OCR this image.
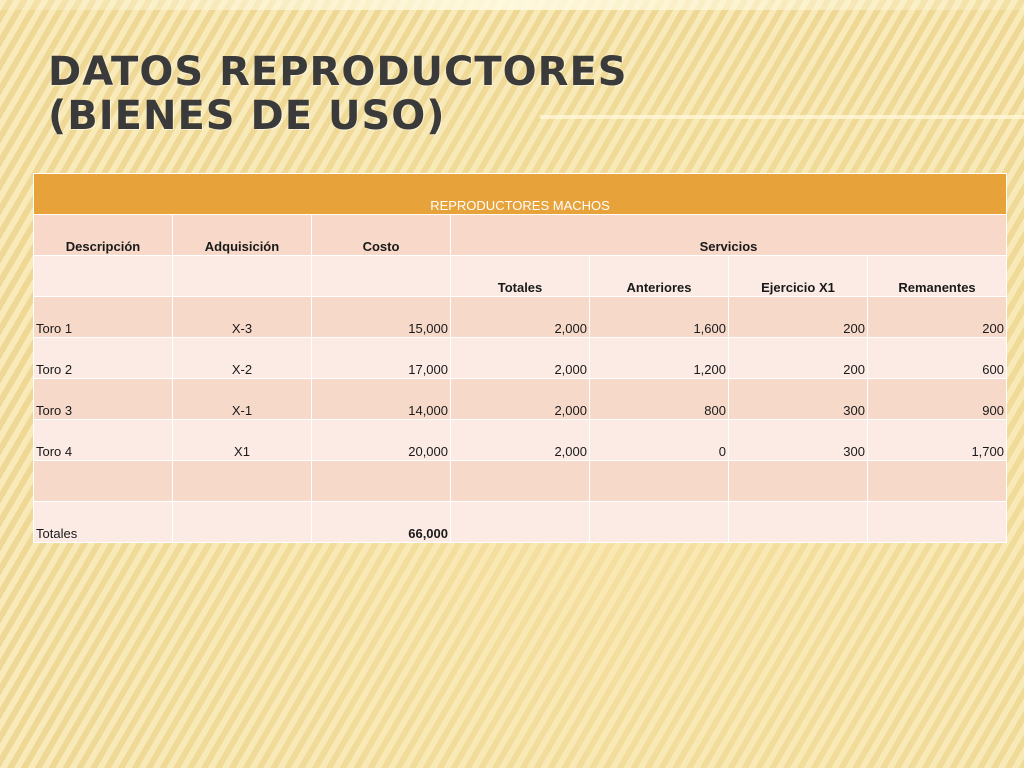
DATOS REPRODUCTORES
(BIENES DE USO)
REPRODUCTORES MACHOS						
Descripción	Adquisición	Costo	Servicios			
			Totales	Anteriores	Ejercicio X1	Remanentes
Toro 1	X-3	15,000	2,000	1,600	200	200
Toro 2	X-2	17,000	2,000	1,200	200	600
Toro 3	X-1	14,000	2,000	800	300	900
Toro 4	X1	20,000	2,000	0	300	1,700

Totales		66,000				
